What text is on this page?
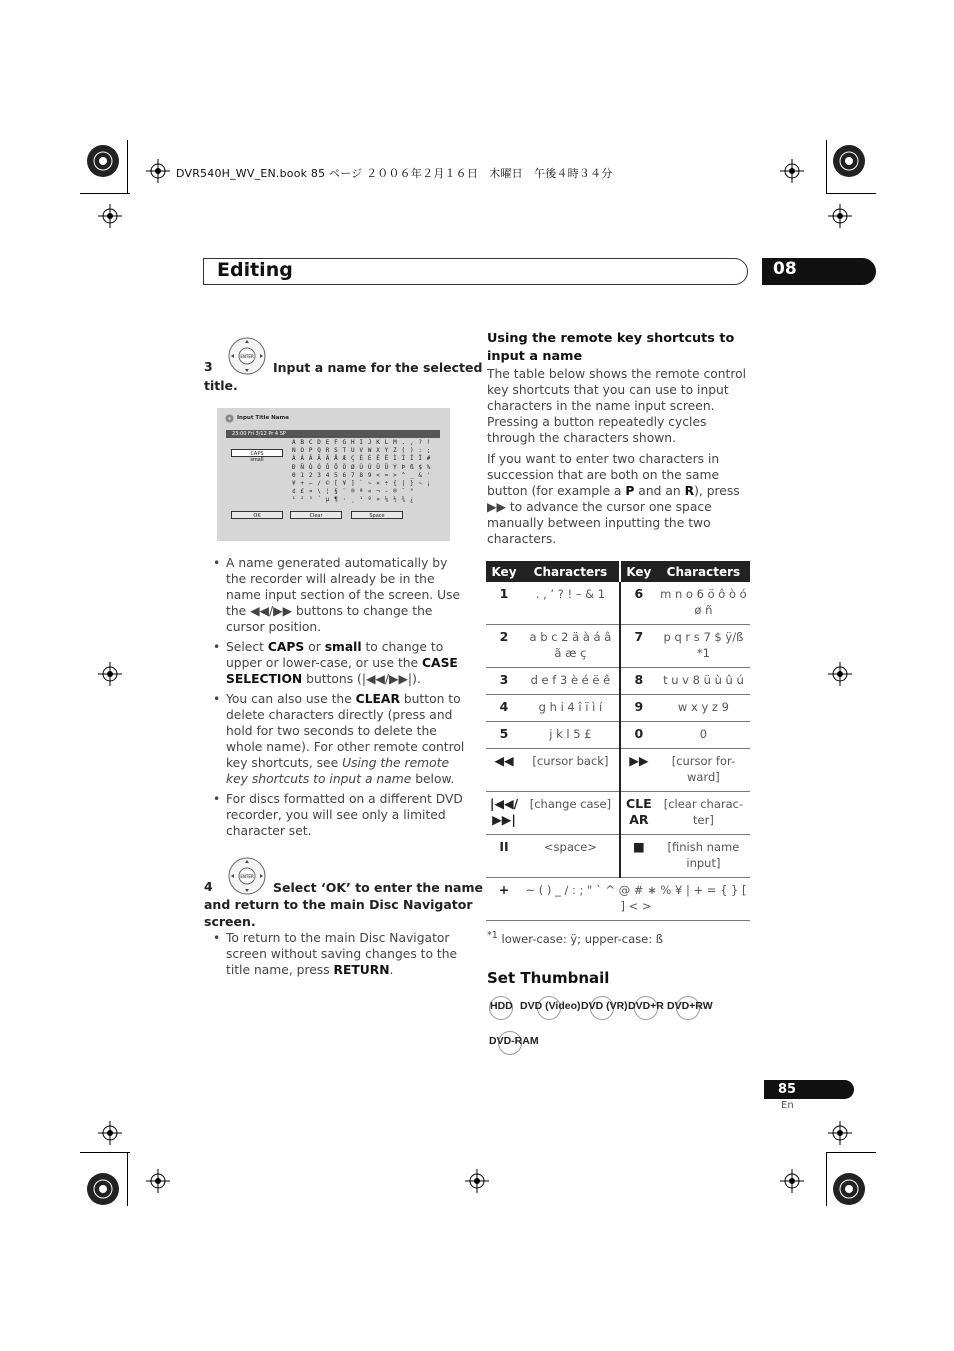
DVR540H_WV_EN.book 85 ページ ２００６年２月１６日　木曜日　午後４時３４分
Editing	08
3
ENTER
Input a name for the selected
title.
Input Title Name
23:00 Fri 3/12 Pr 4 SP
CAPS
small
A B C D E F G H I J K L M . , ? !
N O P Q R S T U V W X Y Z ( ) : ;
À Á Â Ã Ä Å Æ Ç È É Ê Ë Ì Í Î Ï #
Ð Ñ Ò Ó Ô Õ Ö Ø Ù Ú Û Ü Ý Þ ß $ %
0 1 2 3 4 5 6 7 8 9 < = > ^ _ & '
¥ + – / © [ ¥ ] ` ~ × ÷ { | } ~ ¡
¢ £ ¤ \ ¦ § ¨ ® ª « ¬ - ® ¯ °
¹ ² ³ ´ µ ¶ · ¸ ¹ º » ¼ ½ ¾ ¿
OK	Clear	Space
• A name generated automatically by the recorder will already be in the name input section of the screen. Use the ◀◀/▶▶ buttons to change the cursor position.
• Select CAPS or small to change to upper or lower-case, or use the CASE SELECTION buttons (|◀◀/▶▶|).
• You can also use the CLEAR button to delete characters directly (press and hold for two seconds to delete the whole name). For other remote control key shortcuts, see Using the remote key shortcuts to input a name below.
• For discs formatted on a different DVD recorder, you will see only a limited character set.
4
ENTER
Select ‘OK’ to enter the name
and return to the main Disc Navigator
screen.
• To return to the main Disc Navigator screen without saving changes to the title name, press RETURN.
Using the remote key shortcuts to input a name
The table below shows the remote control key shortcuts that you can use to input characters in the name input screen. Pressing a button repeatedly cycles through the characters shown.
If you want to enter two characters in succession that are both on the same button (for example a P and an R), press ▶▶ to advance the cursor one space manually between inputting the two characters.
Key	Characters	Key	Characters
1	. , ’ ? ! – & 1	6	m n o 6 ö ô ò ó ø ñ
2	a b c 2 ä à á â ã æ ç	7	p q r s 7 $ ÿ/ß *1
3	d e f 3 è é ë ê	8	t u v 8 ü ù û ú
4	g h i 4 î ï ì í	9	w x y z 9
5	j k l 5 £	0	0
◀◀	[cursor back]	▶▶	[cursor for- ward]
|◀◀/ ▶▶|	[change case]	CLE AR	[clear charac- ter]
II	<space>	■	[finish name input]
+	~ ( ) _ / : ; " ` ^ @ # ∗ % ¥ | + = { } [ ] < >		
$^{*1}$ lower-case: ÿ; upper-case: ß
Set Thumbnail
HDD DVD (Video) DVD (VR) DVD+R DVD+RW
DVD-RAM
85
En
